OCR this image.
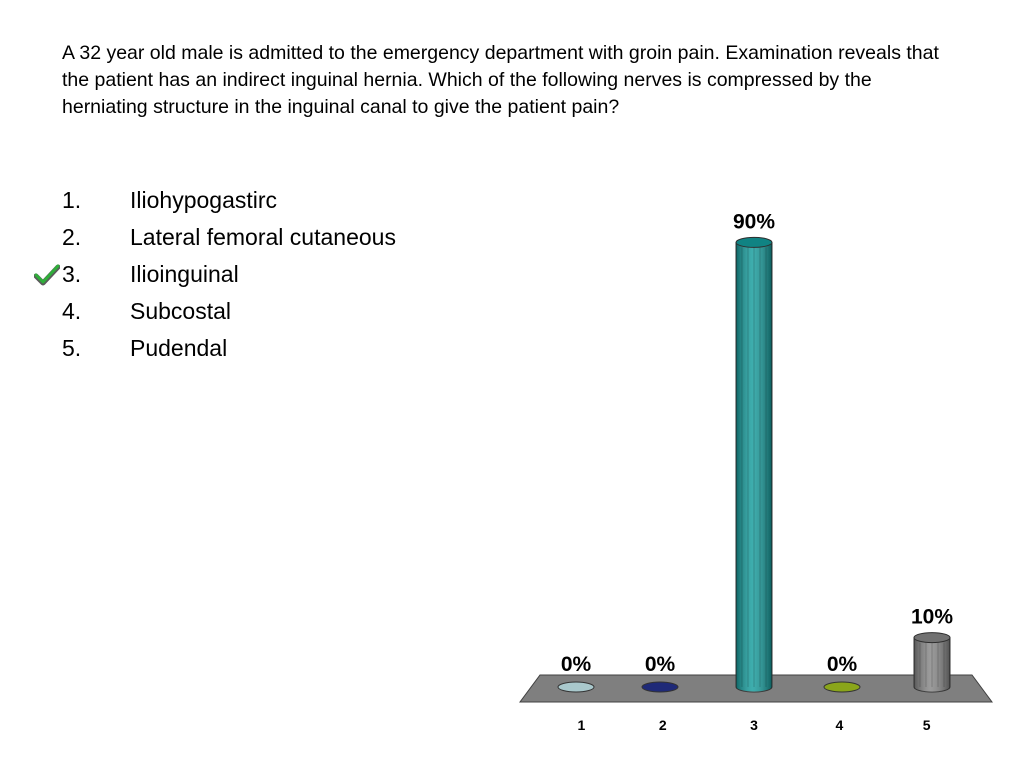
A 32 year old male is admitted to the emergency department with groin pain. Examination reveals that the patient has an indirect inguinal hernia. Which of the following nerves is compressed by the herniating structure in the inguinal canal to give the patient pain?
1. Iliohypogastirc
2. Lateral femoral cutaneous
3. Ilioinguinal
4. Subcostal
5. Pudendal
0%	0%
90%
0%
10%
1	2	3	4	5
